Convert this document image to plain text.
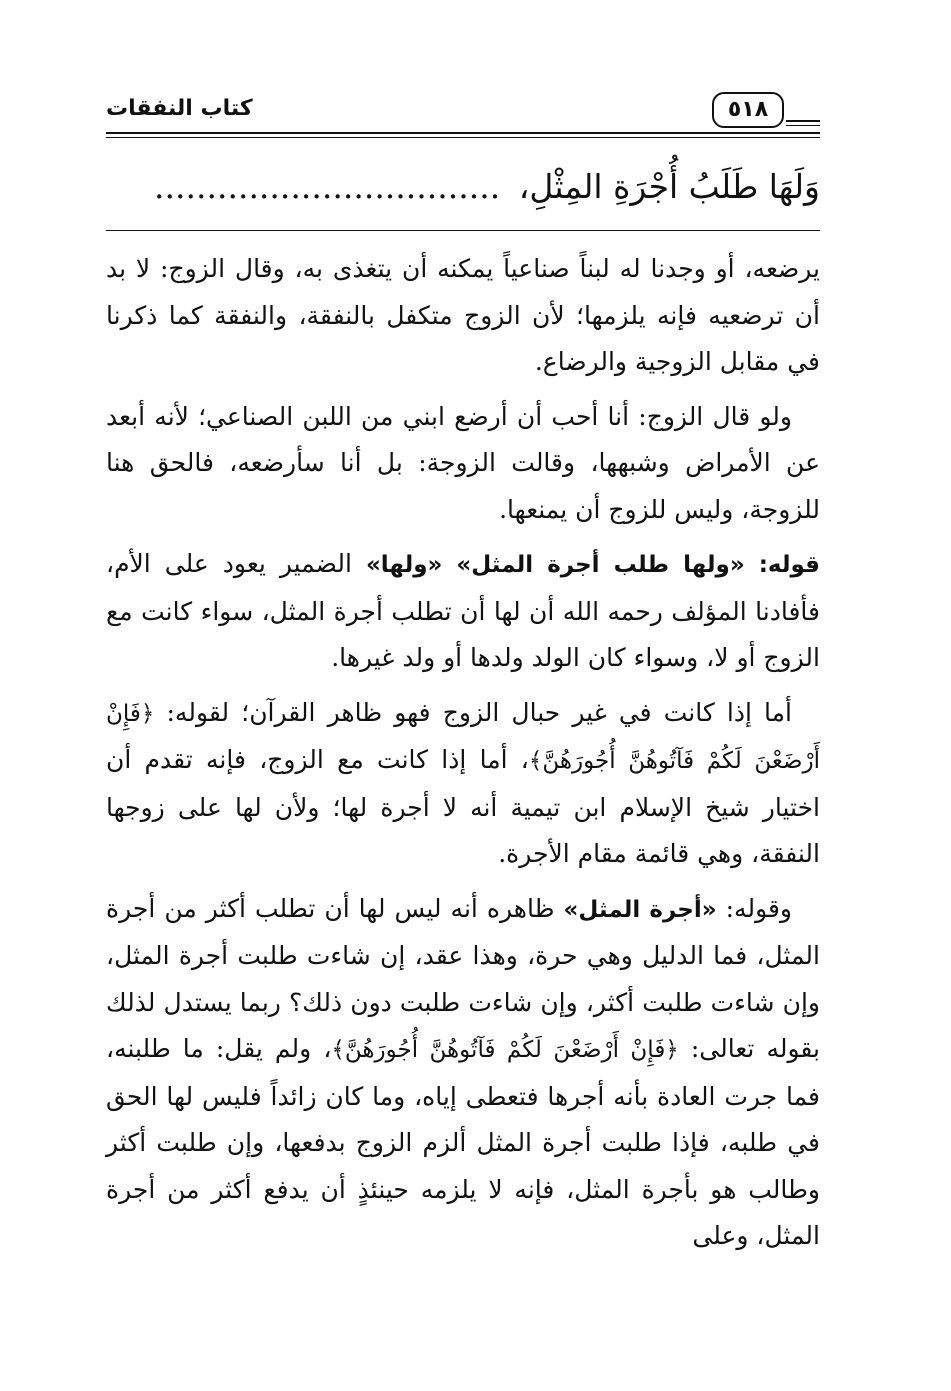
كتاب النفقات	٥١٨
وَلَهَا طَلَبُ أُجْرَةِ المِثْلِ، .................................

يرضعه، أو وجدنا له لبناً صناعياً يمكنه أن يتغذى به، وقال الزوج: لا بد أن ترضعيه فإنه يلزمها؛ لأن الزوج متكفل بالنفقة، والنفقة كما ذكرنا في مقابل الزوجية والرضاع.

ولو قال الزوج: أنا أحب أن أرضع ابني من اللبن الصناعي؛ لأنه أبعد عن الأمراض وشبهها، وقالت الزوجة: بل أنا سأرضعه، فالحق هنا للزوجة، وليس للزوج أن يمنعها.

قوله: «ولها طلب أجرة المثل» «ولها» الضمير يعود على الأم، فأفادنا المؤلف رحمه الله أن لها أن تطلب أجرة المثل، سواء كانت مع الزوج أو لا، وسواء كان الولد ولدها أو ولد غيرها.

أما إذا كانت في غير حبال الزوج فهو ظاهر القرآن؛ لقوله: ﴿فَإِنْ أَرْضَعْنَ لَكُمْ فَآتُوهُنَّ أُجُورَهُنَّ﴾، أما إذا كانت مع الزوج، فإنه تقدم أن اختيار شيخ الإسلام ابن تيمية أنه لا أجرة لها؛ ولأن لها على زوجها النفقة، وهي قائمة مقام الأجرة.

وقوله: «أجرة المثل» ظاهره أنه ليس لها أن تطلب أكثر من أجرة المثل، فما الدليل وهي حرة، وهذا عقد، إن شاءت طلبت أجرة المثل، وإن شاءت طلبت أكثر، وإن شاءت طلبت دون ذلك؟ ربما يستدل لذلك بقوله تعالى: ﴿فَإِنْ أَرْضَعْنَ لَكُمْ فَآتُوهُنَّ أُجُورَهُنَّ﴾، ولم يقل: ما طلبنه، فما جرت العادة بأنه أجرها فتعطى إياه، وما كان زائداً فليس لها الحق في طلبه، فإذا طلبت أجرة المثل ألزم الزوج بدفعها، وإن طلبت أكثر وطالب هو بأجرة المثل، فإنه لا يلزمه حينئذٍ أن يدفع أكثر من أجرة المثل، وعلى
